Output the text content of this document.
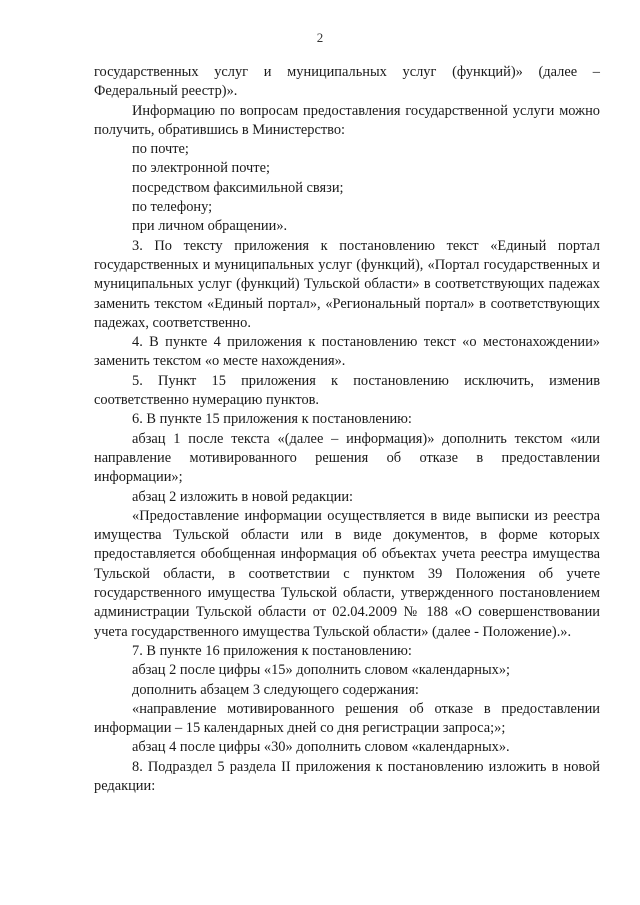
2

государственных услуг и муниципальных услуг (функций)» (далее – Федеральный реестр)».

Информацию по вопросам предоставления государственной услуги можно получить, обратившись в Министерство:

по почте;

по электронной почте;

посредством факсимильной связи;

по телефону;

при личном обращении».

3. По тексту приложения к постановлению текст «Единый портал государственных и муниципальных услуг (функций), «Портал государственных и муниципальных услуг (функций) Тульской области» в соответствующих падежах заменить текстом «Единый портал», «Региональный портал» в соответствующих падежах, соответственно.

4. В пункте 4 приложения к постановлению текст «о местонахождении» заменить текстом «о месте нахождения».

5. Пункт 15 приложения к постановлению исключить, изменив соответственно нумерацию пунктов.

6. В пункте 15 приложения к постановлению:

абзац 1 после текста «(далее – информация)» дополнить текстом «или направление мотивированного решения об отказе в предоставлении информации»;

абзац 2 изложить в новой редакции:

«Предоставление информации осуществляется в виде выписки из реестра имущества Тульской области или в виде документов, в форме которых предоставляется обобщенная информация об объектах учета реестра имущества Тульской области, в соответствии с пунктом 39 Положения об учете государственного имущества Тульской области, утвержденного постановлением администрации Тульской области от 02.04.2009 № 188 «О совершенствовании учета государственного имущества Тульской области» (далее - Положение).».

7. В пункте 16 приложения к постановлению:

абзац 2 после цифры «15» дополнить словом «календарных»;

дополнить абзацем 3 следующего содержания:

«направление мотивированного решения об отказе в предоставлении информации – 15 календарных дней со дня регистрации запроса;»;

абзац 4 после цифры «30» дополнить словом «календарных».

8. Подраздел 5 раздела II приложения к постановлению изложить в новой редакции:
